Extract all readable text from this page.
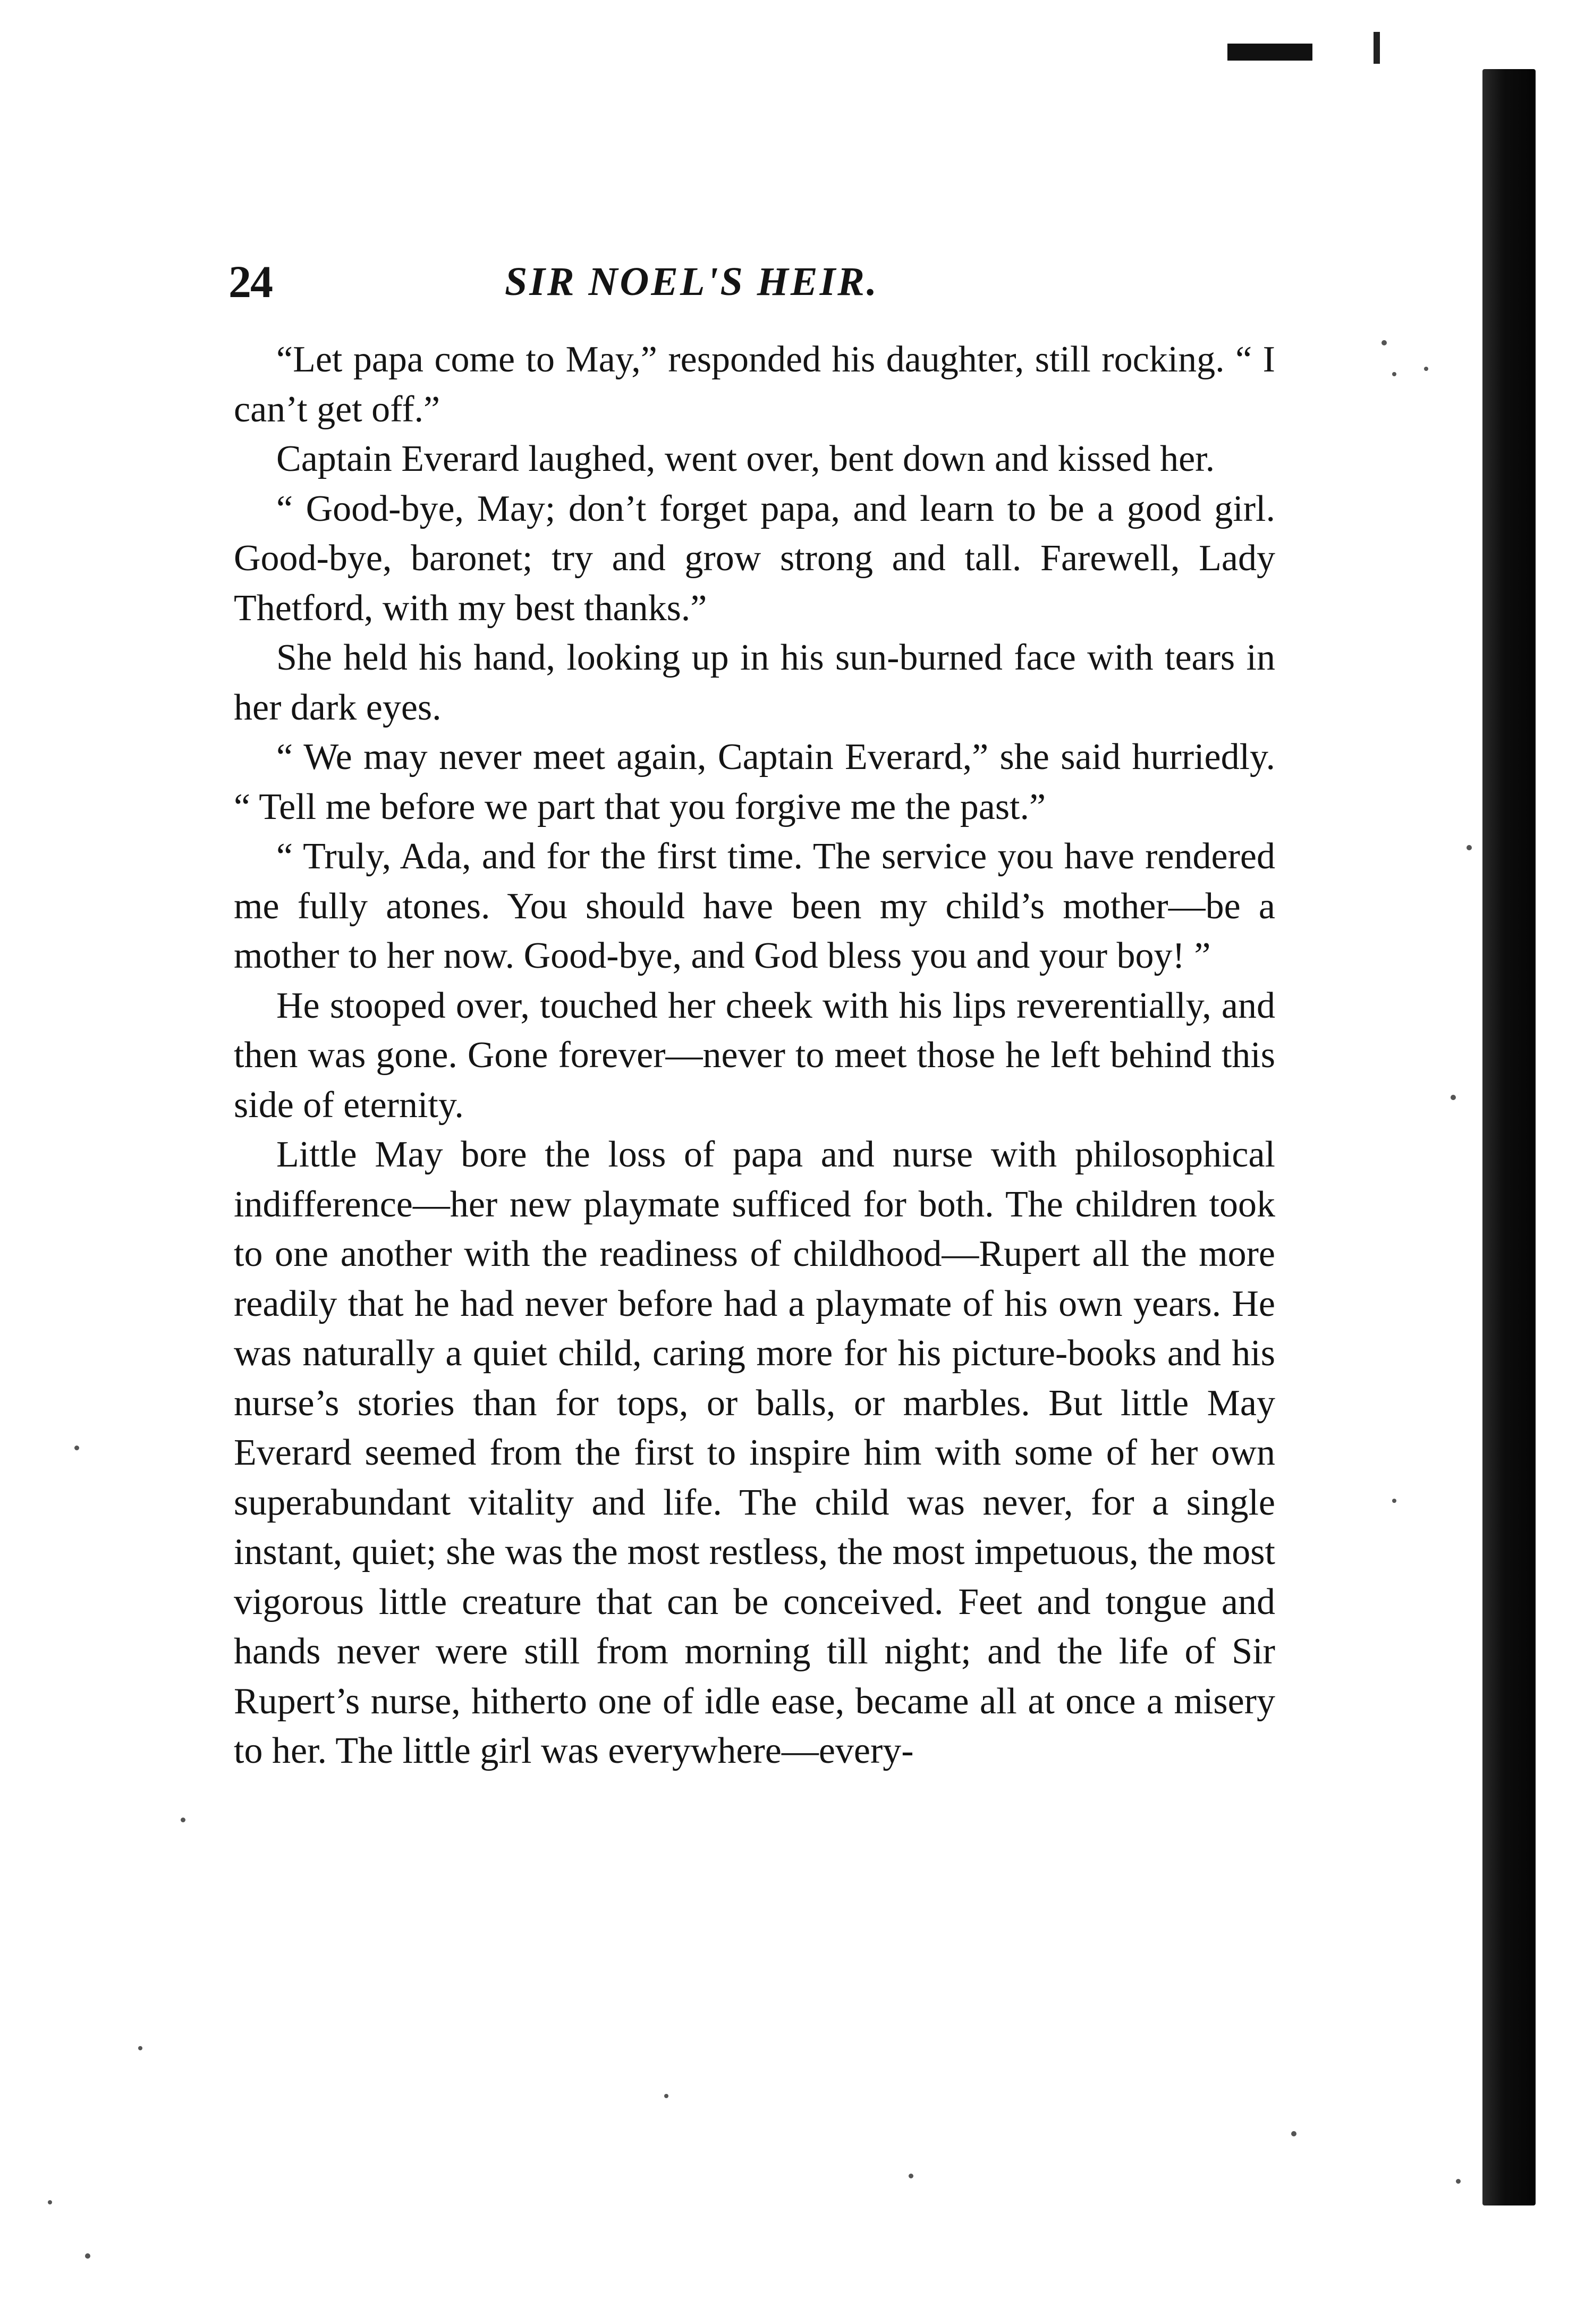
24	SIR NOEL'S HEIR.

“Let papa come to May,” responded his daughter, still rocking. “ I can’t get off.”

Captain Everard laughed, went over, bent down and kissed her.

“ Good-bye, May; don’t forget papa, and learn to be a good girl. Good-bye, baronet; try and grow strong and tall. Farewell, Lady Thetford, with my best thanks.”

She held his hand, looking up in his sun-burned face with tears in her dark eyes.

“ We may never meet again, Captain Everard,” she said hurriedly. “ Tell me before we part that you forgive me the past.”

“ Truly, Ada, and for the first time. The service you have rendered me fully atones. You should have been my child’s mother—be a mother to her now. Good-bye, and God bless you and your boy! ”

He stooped over, touched her cheek with his lips reverentially, and then was gone. Gone forever—never to meet those he left behind this side of eternity.

Little May bore the loss of papa and nurse with philosophical indifference—her new playmate sufficed for both. The children took to one another with the readiness of childhood—Rupert all the more readily that he had never before had a playmate of his own years. He was naturally a quiet child, caring more for his picture-books and his nurse’s stories than for tops, or balls, or marbles. But little May Everard seemed from the first to inspire him with some of her own superabundant vitality and life. The child was never, for a single instant, quiet; she was the most restless, the most impetuous, the most vigorous little creature that can be conceived. Feet and tongue and hands never were still from morning till night; and the life of Sir Rupert’s nurse, hitherto one of idle ease, became all at once a misery to her. The little girl was everywhere—every-
